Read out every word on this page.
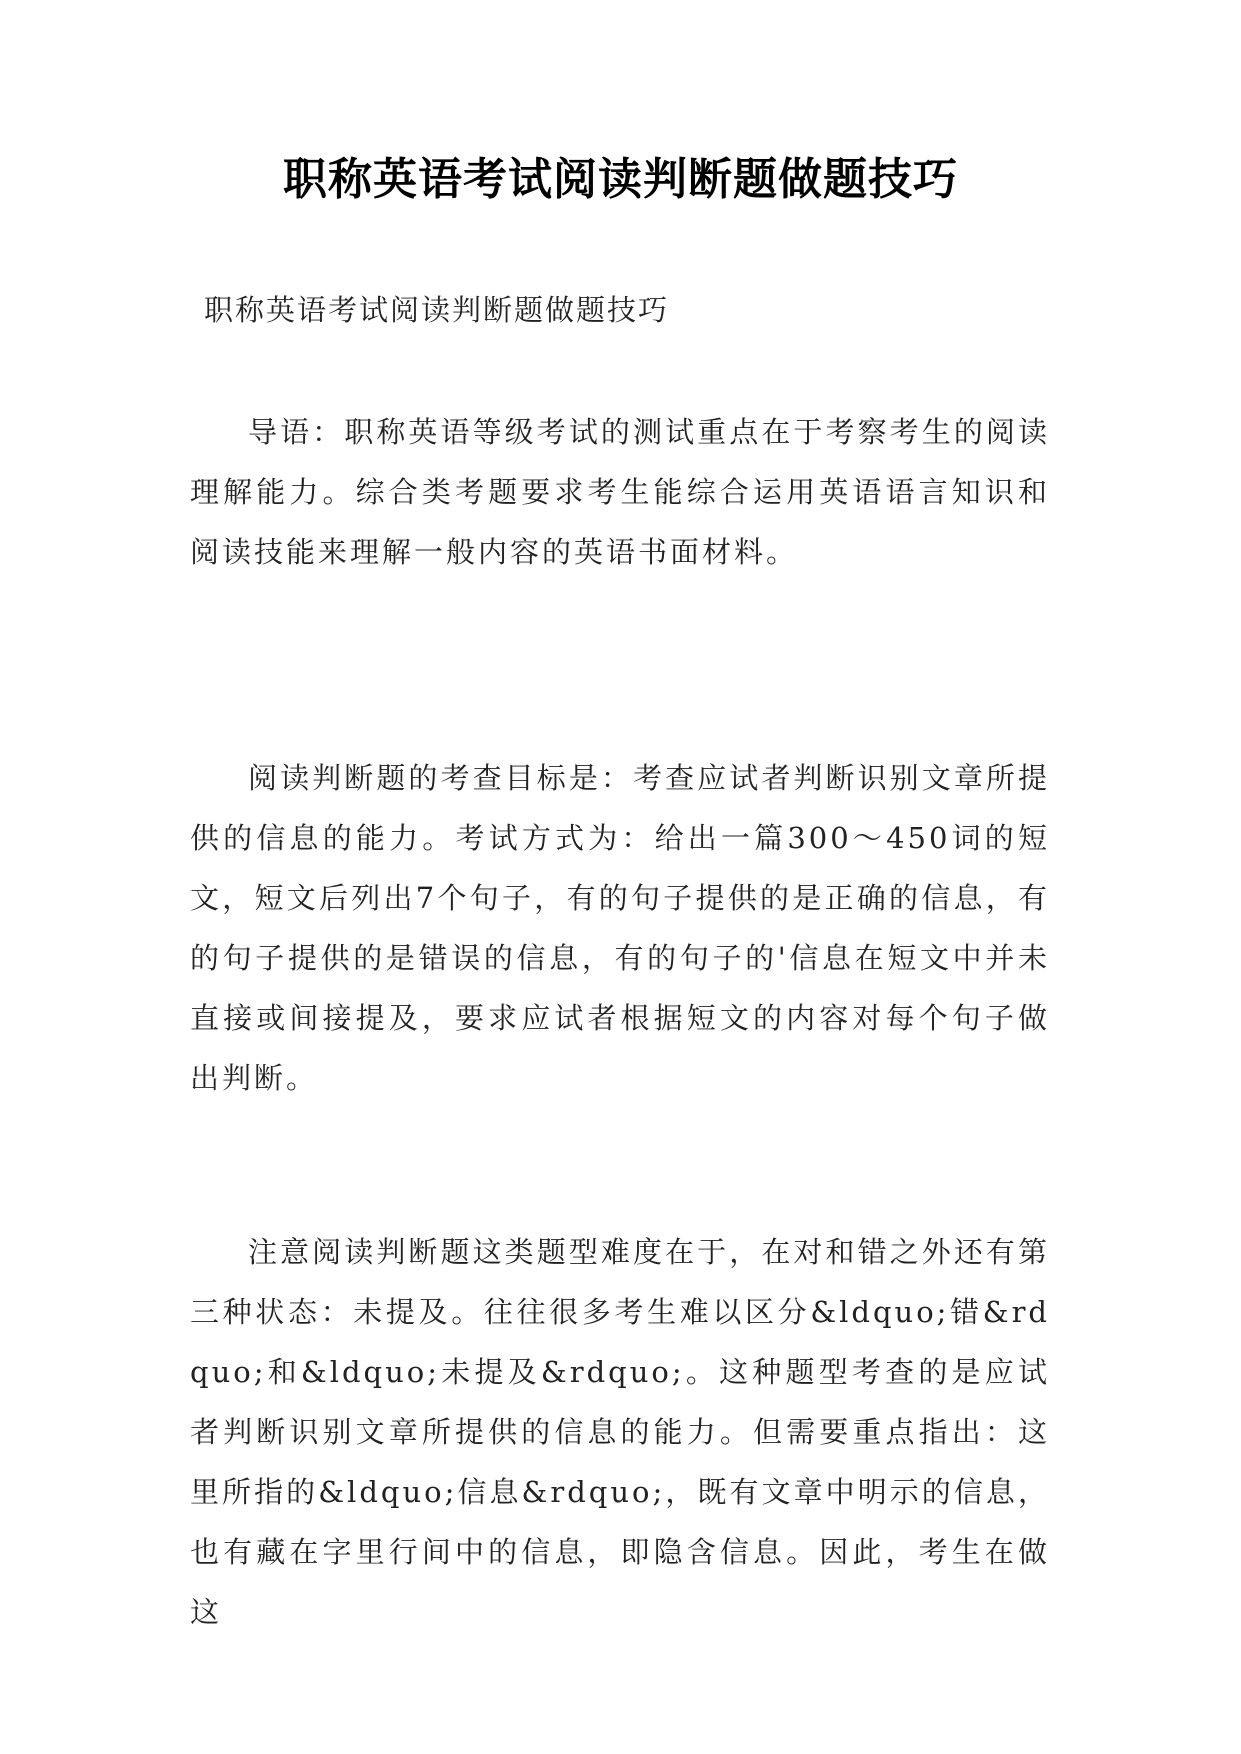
职称英语考试阅读判断题做题技巧
职称英语考试阅读判断题做题技巧

导语：职称英语等级考试的测试重点在于考察考生的阅读理解能力。综合类考题要求考生能综合运用英语语言知识和阅读技能来理解一般内容的英语书面材料。

阅读判断题的考查目标是：考查应试者判断识别文章所提供的信息的能力。考试方式为：给出一篇300～450词的短文，短文后列出7个句子，有的句子提供的是正确的信息，有的句子提供的是错误的信息，有的句子的'信息在短文中并未直接或间接提及，要求应试者根据短文的内容对每个句子做出判断。

注意阅读判断题这类题型难度在于，在对和错之外还有第三种状态：未提及。往往很多考生难以区分&ldquo;错&rdquo;和&ldquo;未提及&rdquo;。这种题型考查的是应试者判断识别文章所提供的信息的能力。但需要重点指出：这里所指的&ldquo;信息&rdquo;，既有文章中明示的信息，也有藏在字里行间中的信息，即隐含信息。因此，考生在做这
